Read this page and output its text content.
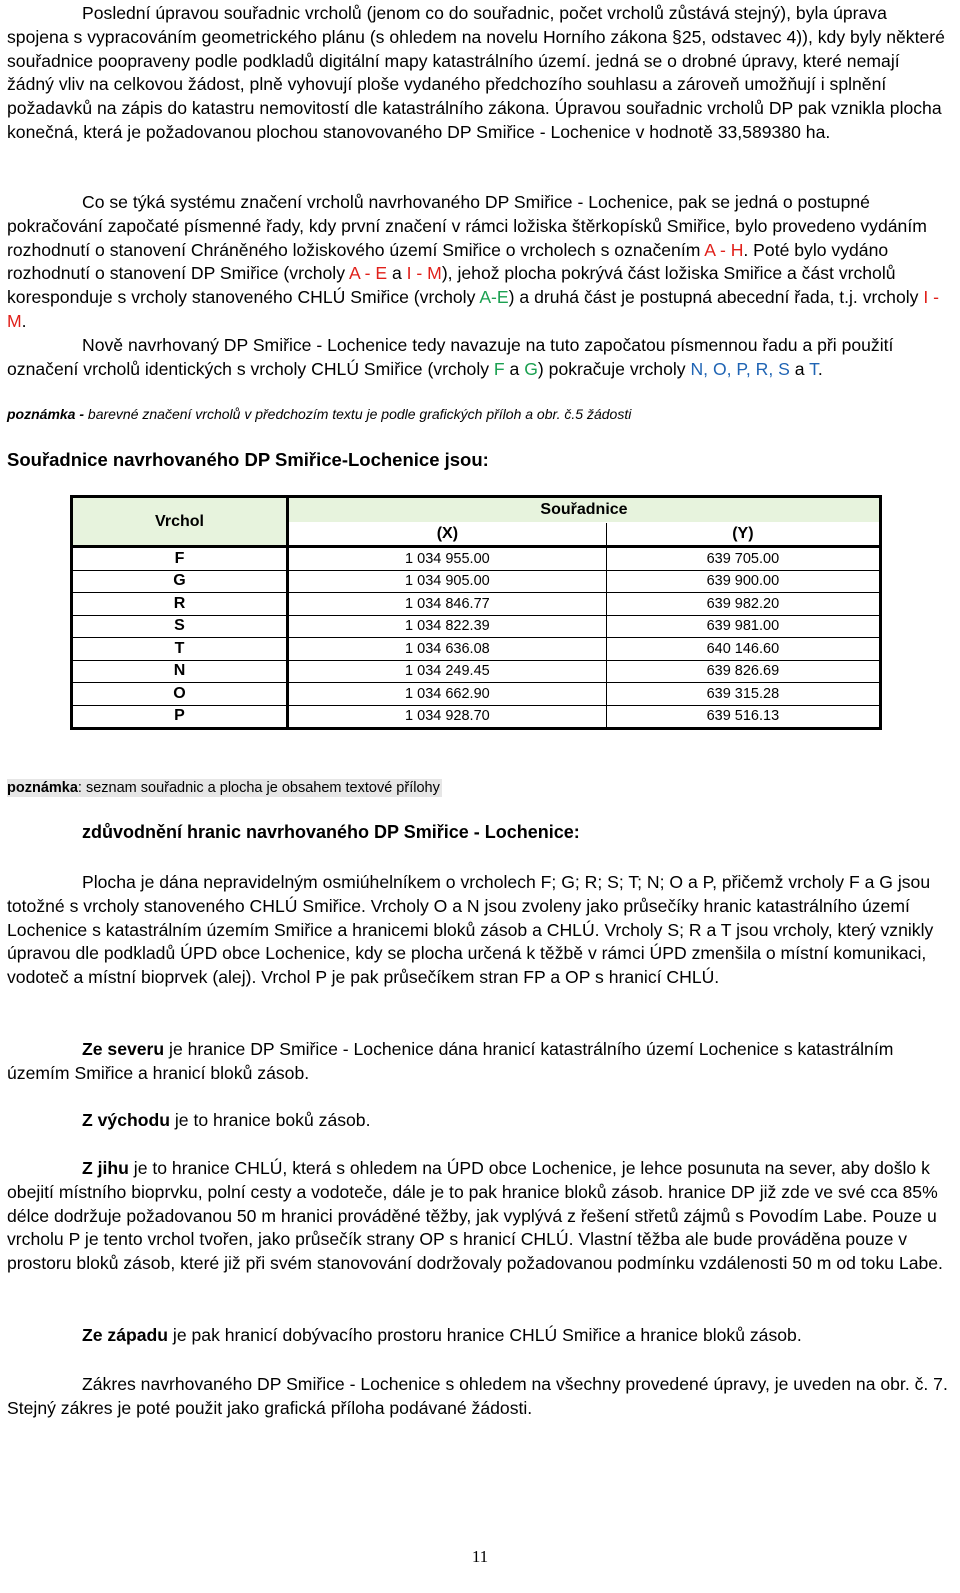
Poslední úpravou souřadnic vrcholů (jenom co do souřadnic, počet vrcholů zůstává stejný), byla úprava spojena s vypracováním geometrického plánu (s ohledem na novelu Horního zákona §25, odstavec 4)), kdy byly některé souřadnice poopraveny podle podkladů digitální mapy katastrálního území. jedná se o drobné úpravy, které nemají žádný vliv na celkovou žádost, plně vyhovují ploše vydaného předchozího souhlasu a zároveň umožňují i splnění požadavků na zápis do katastru nemovitostí dle katastrálního zákona. Úpravou souřadnic vrcholů DP pak vznikla plocha konečná, která je požadovanou plochou stanovovaného DP Smiřice - Lochenice v hodnotě 33,589380 ha.

Co se týká systému značení vrcholů navrhovaného DP Smiřice - Lochenice, pak se jedná o postupné pokračování započaté písmenné řady, kdy první značení v rámci ložiska štěrkopísků Smiřice, bylo provedeno vydáním rozhodnutí o stanovení Chráněného ložiskového území Smiřice o vrcholech s označením A - H. Poté bylo vydáno rozhodnutí o stanovení DP Smiřice (vrcholy A - E a I - M), jehož plocha pokrývá část ložiska Smiřice a část vrcholů koresponduje s vrcholy stanoveného CHLÚ Smiřice (vrcholy A-E) a druhá část je postupná abecední řada, t.j. vrcholy I - M.

Nově navrhovaný DP Smiřice - Lochenice tedy navazuje na tuto započatou písmennou řadu a při použití označení vrcholů identických s vrcholy CHLÚ Smiřice (vrcholy F a G) pokračuje vrcholy N, O, P, R, S a T.

poznámka - barevné značení vrcholů v předchozím textu je podle grafických příloh a obr. č.5 žádosti
Souřadnice navrhovaného DP Smiřice-Lochenice jsou:
Vrchol	Souřadnice	
	(X)	(Y)
F	1 034 955.00	639 705.00
G	1 034 905.00	639 900.00
R	1 034 846.77	639 982.20
S	1 034 822.39	639 981.00
T	1 034 636.08	640 146.60
N	1 034 249.45	639 826.69
O	1 034 662.90	639 315.28
P	1 034 928.70	639 516.13
poznámka: seznam souřadnic a plocha je obsahem textové přílohy
zdůvodnění hranic navrhovaného DP Smiřice - Lochenice:

Plocha je dána nepravidelným osmiúhelníkem o vrcholech F; G; R; S; T; N; O a P, přičemž vrcholy F a G jsou totožné s vrcholy stanoveného CHLÚ Smiřice. Vrcholy O a N jsou zvoleny jako průsečíky hranic katastrálního území Lochenice s katastrálním územím Smiřice a hranicemi bloků zásob a CHLÚ. Vrcholy S; R a T jsou vrcholy, který vznikly úpravou dle podkladů ÚPD obce Lochenice, kdy se plocha určená k těžbě v rámci ÚPD zmenšila o místní komunikaci, vodoteč a místní bioprvek (alej). Vrchol P je pak průsečíkem stran FP a OP s hranicí CHLÚ.

Ze severu je hranice DP Smiřice - Lochenice dána hranicí katastrálního území Lochenice s katastrálním územím Smiřice a hranicí bloků zásob.

Z východu je to hranice boků zásob.

Z jihu je to hranice CHLÚ, která s ohledem na ÚPD obce Lochenice, je lehce posunuta na sever, aby došlo k obejití místního bioprvku, polní cesty a vodoteče, dále je to pak hranice bloků zásob. hranice DP již zde ve své cca 85% délce dodržuje požadovanou 50 m hranici prováděné těžby, jak vyplývá z řešení střetů zájmů s Povodím Labe. Pouze u vrcholu P je tento vrchol tvořen, jako průsečík strany OP s hranicí CHLÚ. Vlastní těžba ale bude prováděna pouze v prostoru bloků zásob, které již při svém stanovování dodržovaly požadovanou podmínku vzdálenosti 50 m od toku Labe.

Ze západu je pak hranicí dobývacího prostoru hranice CHLÚ Smiřice a hranice bloků zásob.

Zákres navrhovaného DP Smiřice - Lochenice s ohledem na všechny provedené úpravy, je uveden na obr. č. 7. Stejný zákres je poté použit jako grafická příloha podávané žádosti.

11
